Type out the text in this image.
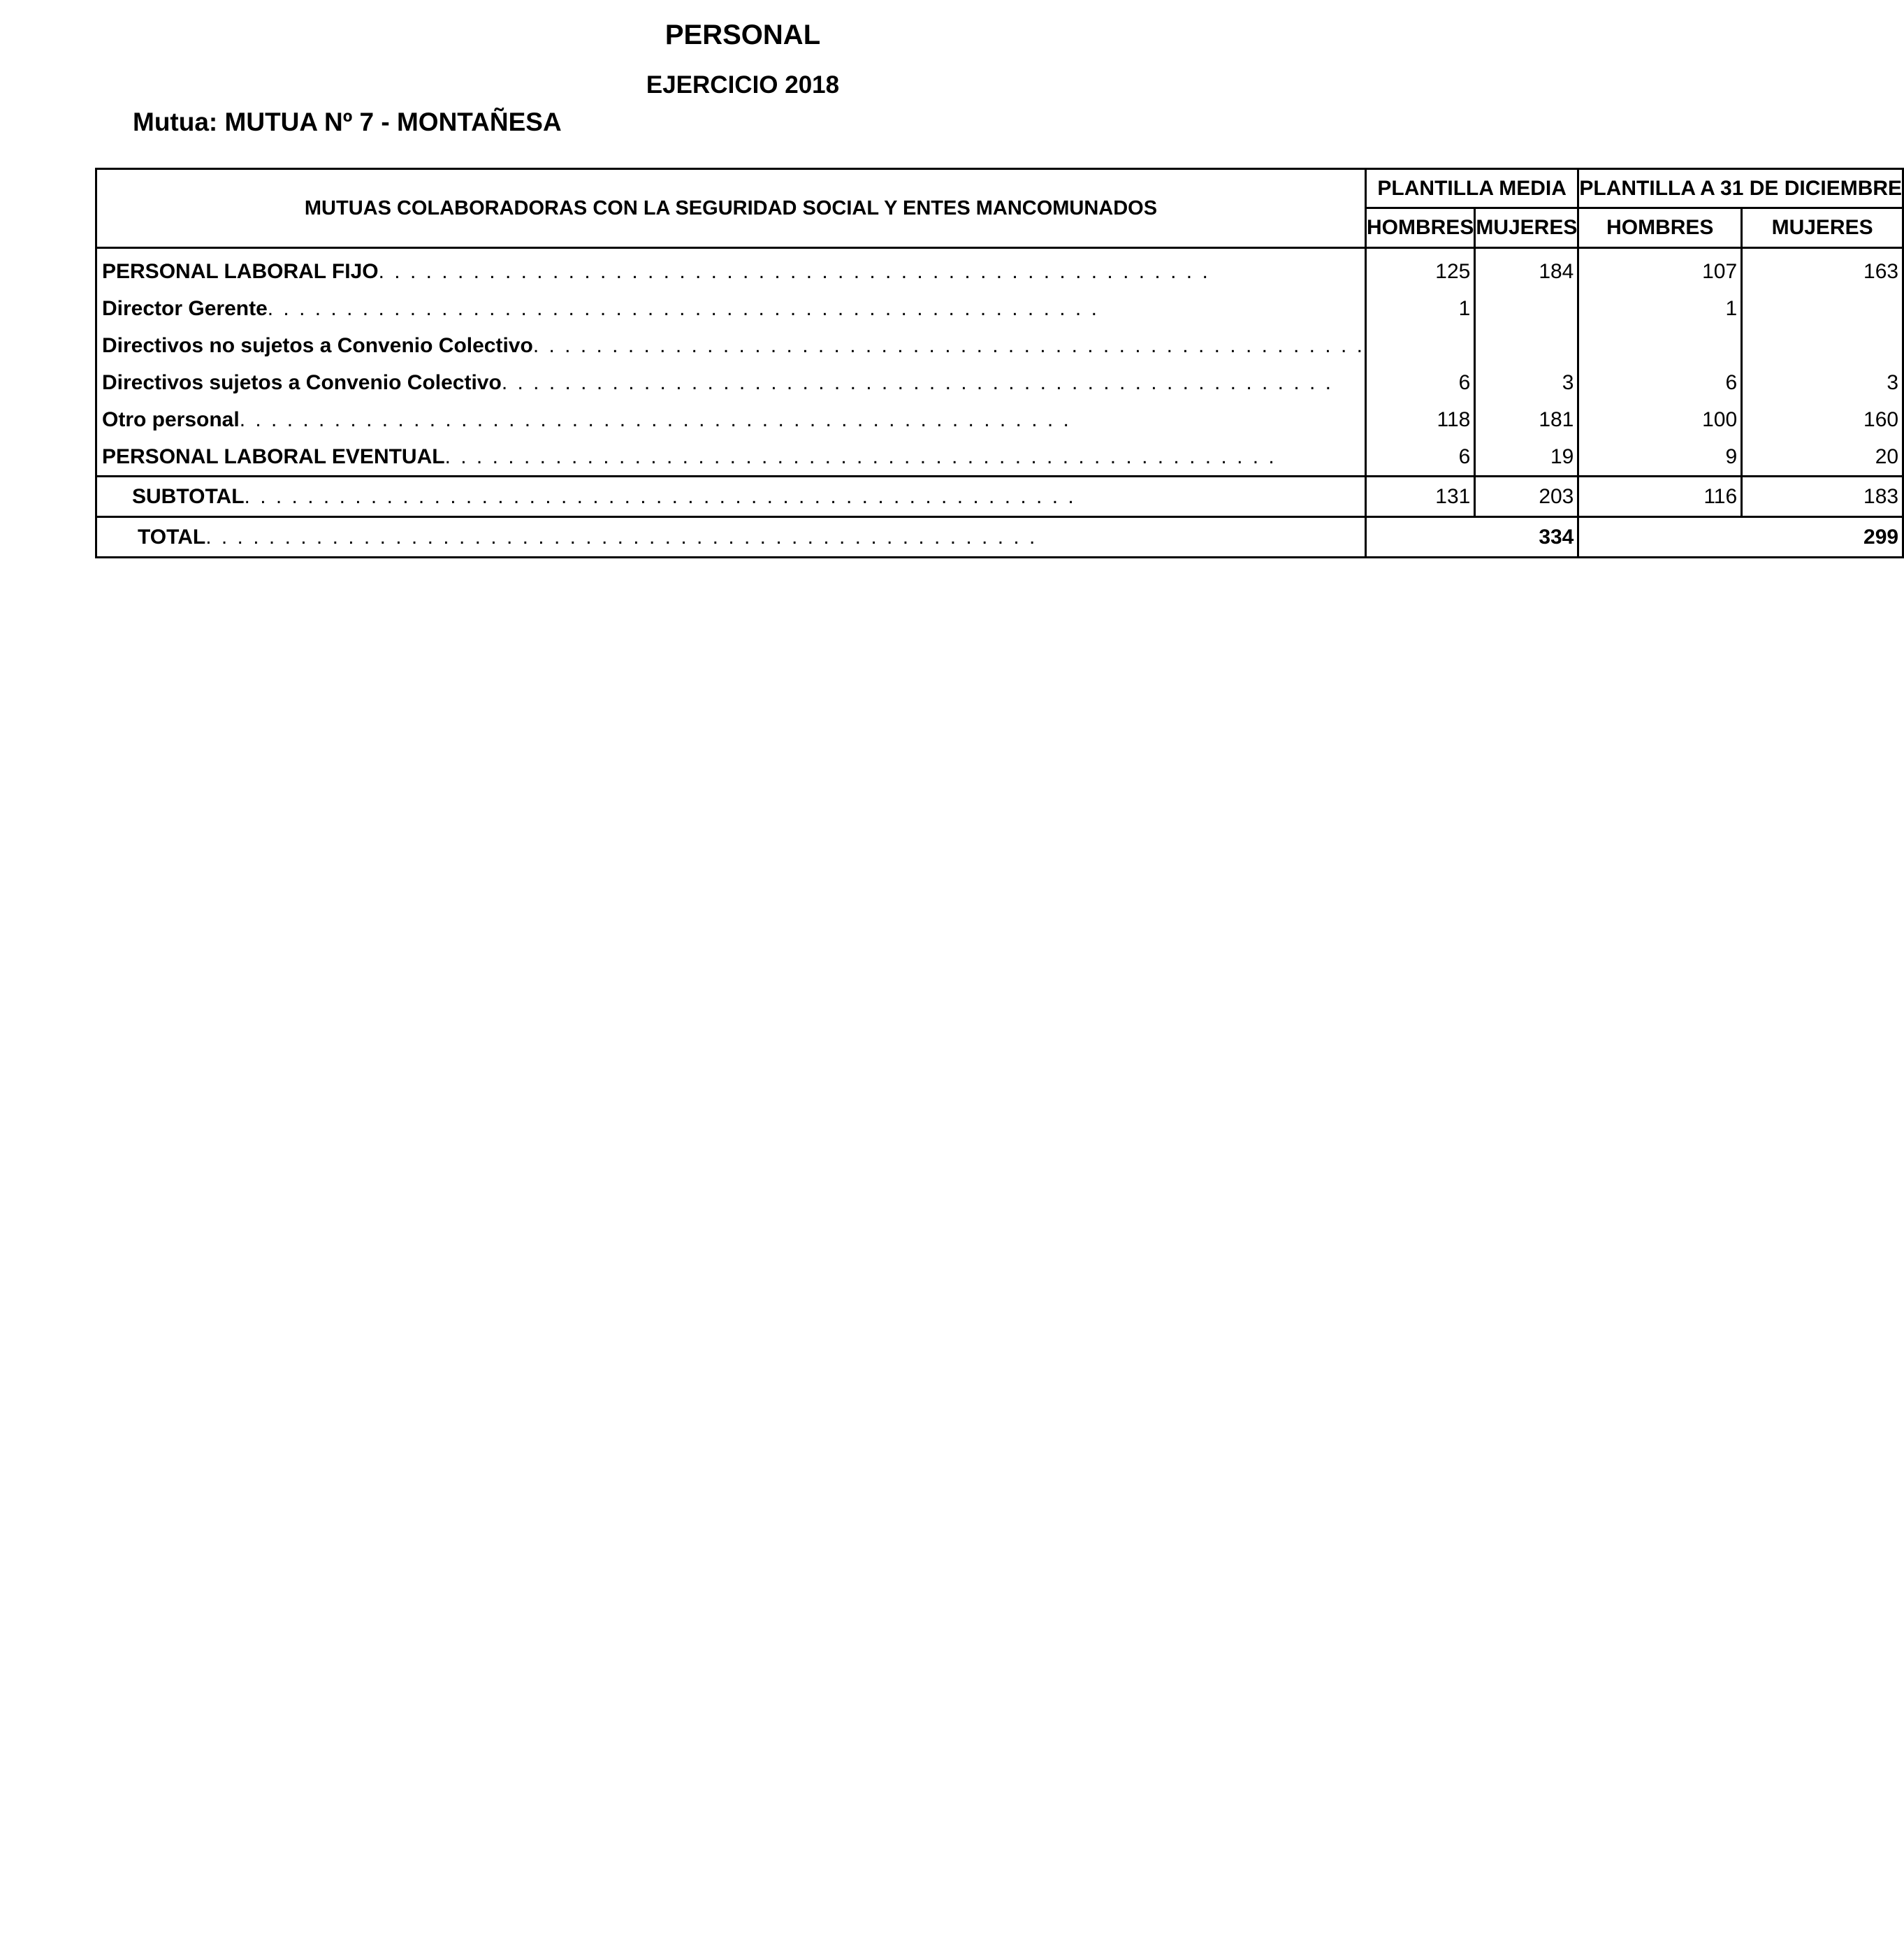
PERSONAL
EJERCICIO 2018
Mutua: MUTUA Nº 7 - MONTAÑESA
MUTUAS COLABORADORAS CON LA SEGURIDAD SOCIAL Y ENTES MANCOMUNADOS	PLANTILLA MEDIA		PLANTILLA A 31 DE DICIEMBRE	
	HOMBRES	MUJERES	HOMBRES	MUJERES
PERSONAL LABORAL FIJO. . . . . . . . . . . . . . . . . . . . . . . . . . . . . . . . . . . . . . . . . . . . . . . . . . . . .	125	184	107	163
Director Gerente. . . . . . . . . . . . . . . . . . . . . . . . . . . . . . . . . . . . . . . . . . . . . . . . . . . . .	1		1	
Directivos no sujetos a Convenio Colectivo. . . . . . . . . . . . . . . . . . . . . . . . . . . . . . . . . . . . . . . . . . . . . . . . . . . . .				
Directivos sujetos a Convenio Colectivo. . . . . . . . . . . . . . . . . . . . . . . . . . . . . . . . . . . . . . . . . . . . . . . . . . . . .	6	3	6	3
Otro personal. . . . . . . . . . . . . . . . . . . . . . . . . . . . . . . . . . . . . . . . . . . . . . . . . . . . .	118	181	100	160
PERSONAL LABORAL EVENTUAL. . . . . . . . . . . . . . . . . . . . . . . . . . . . . . . . . . . . . . . . . . . . . . . . . . . . .	6	19	9	20
SUBTOTAL. . . . . . . . . . . . . . . . . . . . . . . . . . . . . . . . . . . . . . . . . . . . . . . . . . . . .	131	203	116	183
TOTAL. . . . . . . . . . . . . . . . . . . . . . . . . . . . . . . . . . . . . . . . . . . . . . . . . . . . .	334		299	
